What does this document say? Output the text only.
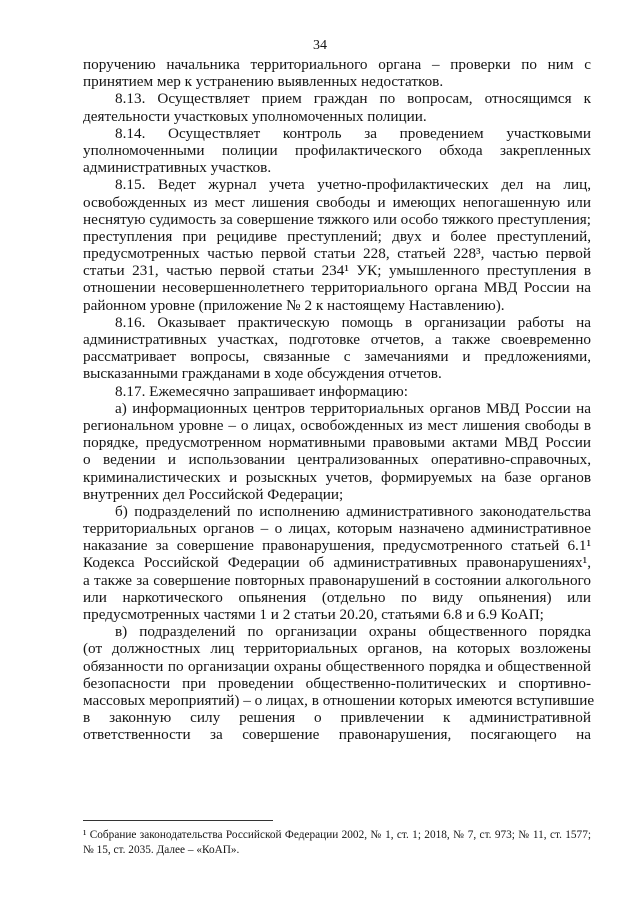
34
поручению начальника территориального органа – проверки по ним с
принятием мер к устранению выявленных недостатков.
8.13. Осуществляет прием граждан по вопросам, относящимся к
деятельности участковых уполномоченных полиции.
8.14. Осуществляет контроль за проведением участковыми
уполномоченными полиции профилактического обхода закрепленных
административных участков.
8.15. Ведет журнал учета учетно-профилактических дел на лиц,
освобожденных из мест лишения свободы и имеющих непогашенную или
неснятую судимость за совершение тяжкого или особо тяжкого преступления;
преступления при рецидиве преступлений; двух и более преступлений,
предусмотренных частью первой статьи 228, статьей 228³, частью первой
статьи 231, частью первой статьи 234¹ УК; умышленного преступления в
отношении несовершеннолетнего территориального органа МВД России на
районном уровне (приложение № 2 к настоящему Наставлению).
8.16. Оказывает практическую помощь в организации работы на
административных участках, подготовке отчетов, а также своевременно
рассматривает вопросы, связанные с замечаниями и предложениями,
высказанными гражданами в ходе обсуждения отчетов.
8.17. Ежемесячно запрашивает информацию:
а) информационных центров территориальных органов МВД России на
региональном уровне – о лицах, освобожденных из мест лишения свободы в
порядке, предусмотренном нормативными правовыми актами МВД России
о ведении и использовании централизованных оперативно-справочных,
криминалистических и розыскных учетов, формируемых на базе органов
внутренних дел Российской Федерации;
б) подразделений по исполнению административного законодательства
территориальных органов – о лицах, которым назначено административное
наказание за совершение правонарушения, предусмотренного статьей 6.1¹
Кодекса Российской Федерации об административных правонарушениях¹,
а также за совершение повторных правонарушений в состоянии алкогольного
или наркотического опьянения (отдельно по виду опьянения) или
предусмотренных частями 1 и 2 статьи 20.20, статьями 6.8 и 6.9 КоАП;
в) подразделений по организации охраны общественного порядка
(от должностных лиц территориальных органов, на которых возложены
обязанности по организации охраны общественного порядка и общественной
безопасности при проведении общественно-политических и спортивно-
массовых мероприятий) – о лицах, в отношении которых имеются вступившие
в законную силу решения о привлечении к административной
ответственности за совершение правонарушения, посягающего на
¹ Собрание законодательства Российской Федерации 2002, № 1, ст. 1; 2018, № 7, ст. 973; № 11, ст. 1577;
№ 15, ст. 2035. Далее – «КоАП».
